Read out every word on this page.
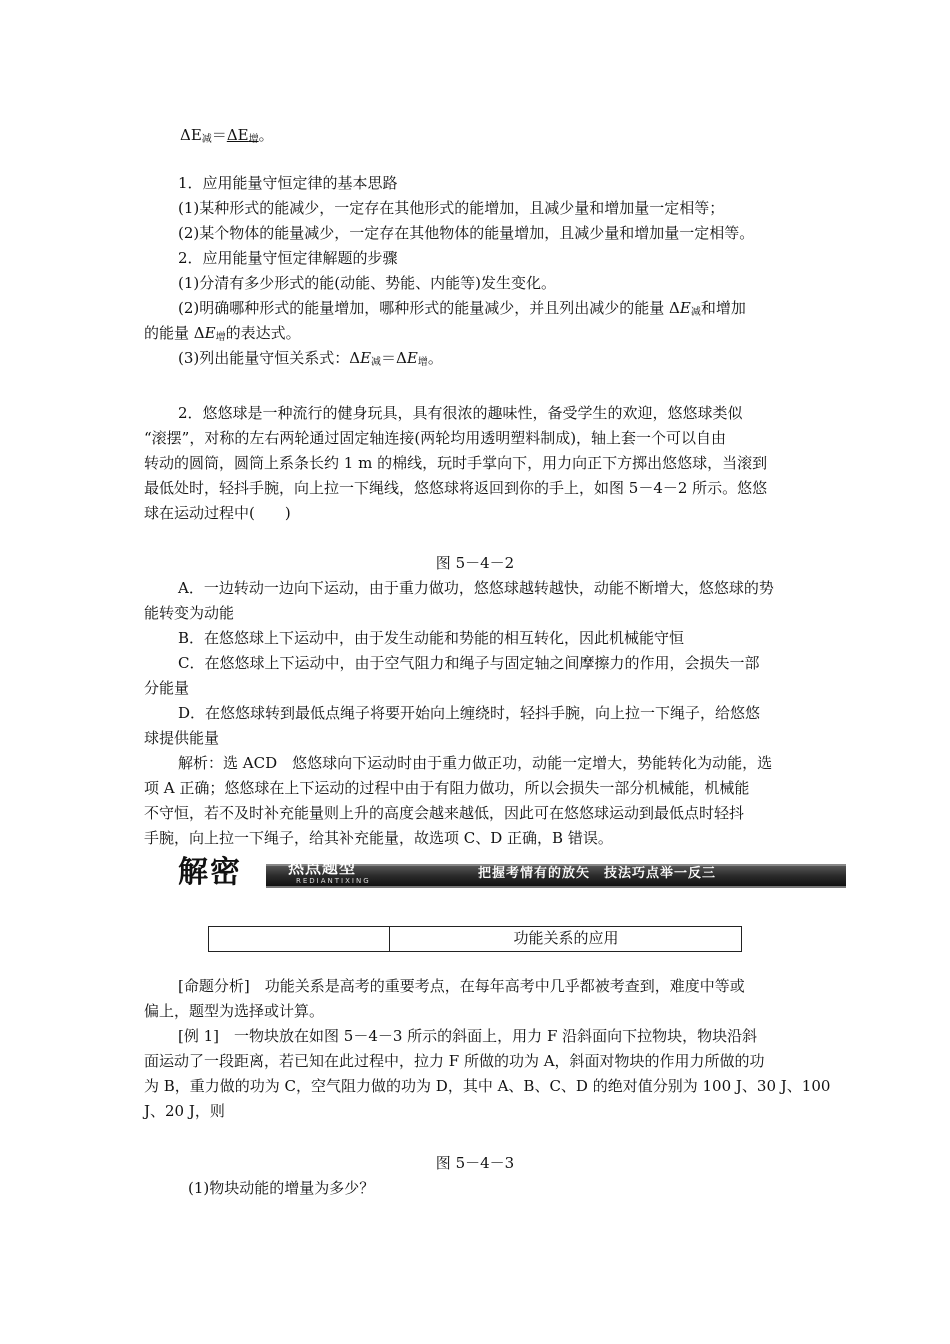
$\Delta E_减=\Delta E_增$。
1．应用能量守恒定律的基本思路
(1)某种形式的能减少，一定存在其他形式的能增加，且减少量和增加量一定相等；
(2)某个物体的能量减少，一定存在其他物体的能量增加，且减少量和增加量一定相等。
2．应用能量守恒定律解题的步骤
(1)分清有多少形式的能(动能、势能、内能等)发生变化。
(2)明确哪种形式的能量增加，哪种形式的能量减少，并且列出减少的能量 $\Delta E_减$和增加
的能量 $\Delta E_增$的表达式。
(3)列出能量守恒关系式：$\Delta E_减=\Delta E_增$。
2．悠悠球是一种流行的健身玩具，具有很浓的趣味性，备受学生的欢迎，悠悠球类似
“滚摆”，对称的左右两轮通过固定轴连接(两轮均用透明塑料制成)，轴上套一个可以自由
转动的圆筒，圆筒上系条长约 1 m 的棉线，玩时手掌向下，用力向正下方掷出悠悠球，当滚到
最低处时，轻抖手腕，向上拉一下绳线，悠悠球将返回到你的手上，如图 5－4－2 所示。悠悠
球在运动过程中(　　)
图 5－4－2
A．一边转动一边向下运动，由于重力做功，悠悠球越转越快，动能不断增大，悠悠球的势
能转变为动能
B．在悠悠球上下运动中，由于发生动能和势能的相互转化，因此机械能守恒
C．在悠悠球上下运动中，由于空气阻力和绳子与固定轴之间摩擦力的作用，会损失一部
分能量
D．在悠悠球转到最低点绳子将要开始向上缠绕时，轻抖手腕，向上拉一下绳子，给悠悠
球提供能量
解析：选 ACD　悠悠球向下运动时由于重力做正功，动能一定增大，势能转化为动能，选
项 A 正确；悠悠球在上下运动的过程中由于有阻力做功，所以会损失一部分机械能，机械能
不守恒，若不及时补充能量则上升的高度会越来越低，因此可在悠悠球运动到最低点时轻抖
手腕，向上拉一下绳子，给其补充能量，故选项 C、D 正确，B 错误。
解密	热点题型
REDIANTIXING	把握考情有的放矢　技法巧点举一反三
功能关系的应用
[命题分析]　功能关系是高考的重要考点，在每年高考中几乎都被考查到，难度中等或
偏上，题型为选择或计算。
[例 1]　一物块放在如图 5－4－3 所示的斜面上，用力 F 沿斜面向下拉物块，物块沿斜
面运动了一段距离，若已知在此过程中，拉力 F 所做的功为 A，斜面对物块的作用力所做的功
为 B，重力做的功为 C，空气阻力做的功为 D，其中 A、B、C、D 的绝对值分别为 100 J、30 J、100
J、20 J，则
图 5－4－3
(1)物块动能的增量为多少？
